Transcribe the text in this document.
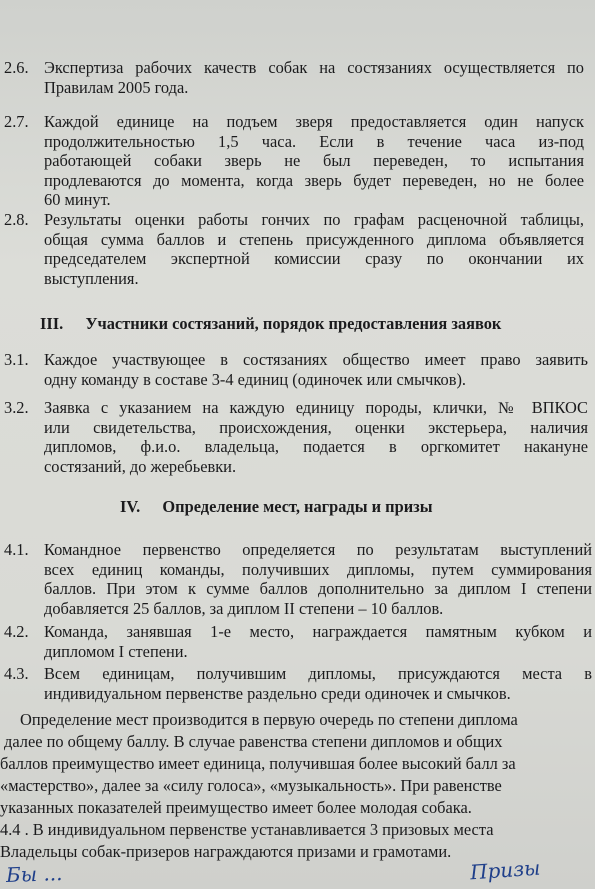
2.6. Экспертиза рабочих качеств собак на состязаниях осуществляется по
Правилам 2005 года.
2.7. Каждой единице на подъем зверя предоставляется один напуск
продолжительностью 1,5 часа. Если в течение часа из-под
работающей собаки зверь не был переведен, то испытания
продлеваются до момента, когда зверь будет переведен, но не более
60 минут.
2.8. Результаты оценки работы гончих по графам расценочной таблицы,
общая сумма баллов и степень присужденного диплома объявляется
председателем экспертной комиссии сразу по окончании их
выступления.
III. Участники состязаний, порядок предоставления заявок
3.1. Каждое участвующее в состязаниях общество имеет право заявить
одну команду в составе 3-4 единиц (одиночек или смычков).
3.2. Заявка с указанием на каждую единицу породы, клички, № ВПКОС
или свидетельства, происхождения, оценки экстерьера, наличия
дипломов, ф.и.о. владельца, подается в оргкомитет накануне
состязаний, до жеребьевки.
IV. Определение мест, награды и призы
4.1. Командное первенство определяется по результатам выступлений
всех единиц команды, получивших дипломы, путем суммирования
баллов. При этом к сумме баллов дополнительно за диплом I степени
добавляется 25 баллов, за диплом II степени – 10 баллов.
4.2. Команда, занявшая 1-е место, награждается памятным кубком и
дипломом I степени.
4.3. Всем единицам, получившим дипломы, присуждаются места в
индивидуальном первенстве раздельно среди одиночек и смычков.
Определение мест производится в первую очередь по степени диплома
далее по общему баллу. В случае равенства степени дипломов и общих
баллов преимущество имеет единица, получившая более высокий балл за
«мастерство», далее за «силу голоса», «музыкальность». При равенстве
указанных показателей преимущество имеет более молодая собака.
4.4 . В индивидуальном первенстве устанавливается 3 призовых места
Владельцы собак-призеров награждаются призами и грамотами.
Бы ...	Призы
